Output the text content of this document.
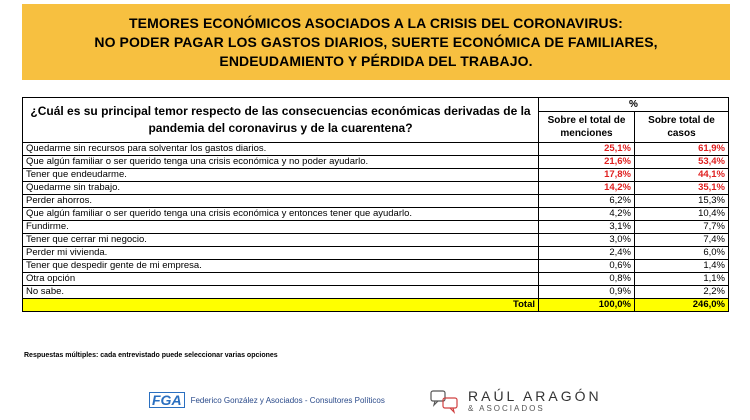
TEMORES ECONÓMICOS ASOCIADOS A LA CRISIS DEL CORONAVIRUS:
NO PODER PAGAR LOS GASTOS DIARIOS, SUERTE ECONÓMICA DE FAMILIARES,
ENDEUDAMIENTO Y PÉRDIDA DEL TRABAJO.
¿Cuál es su principal temor respecto de las consecuencias económicas derivadas de la pandemia del coronavirus y de la cuarentena?	%	
	Sobre el total de menciones	Sobre total de casos
Quedarme sin recursos para solventar los gastos diarios.	25,1%	61,9%
Que algún familiar o ser querido tenga una crisis económica y no poder ayudarlo.	21,6%	53,4%
Tener que endeudarme.	17,8%	44,1%
Quedarme sin trabajo.	14,2%	35,1%
Perder ahorros.	6,2%	15,3%
Que algún familiar o ser querido tenga una crisis económica y entonces tener que ayudarlo.	4,2%	10,4%
Fundirme.	3,1%	7,7%
Tener que cerrar mi negocio.	3,0%	7,4%
Perder mi vivienda.	2,4%	6,0%
Tener que despedir gente de mi empresa.	0,6%	1,4%
Otra opción	0,8%	1,1%
No sabe.	0,9%	2,2%
Total	100,0%	246,0%
Respuestas múltiples: cada entrevistado puede seleccionar varias opciones
FGA	Federico González y Asociados - Consultores Políticos	RAÚL ARAGÓN
& ASOCIADOS
